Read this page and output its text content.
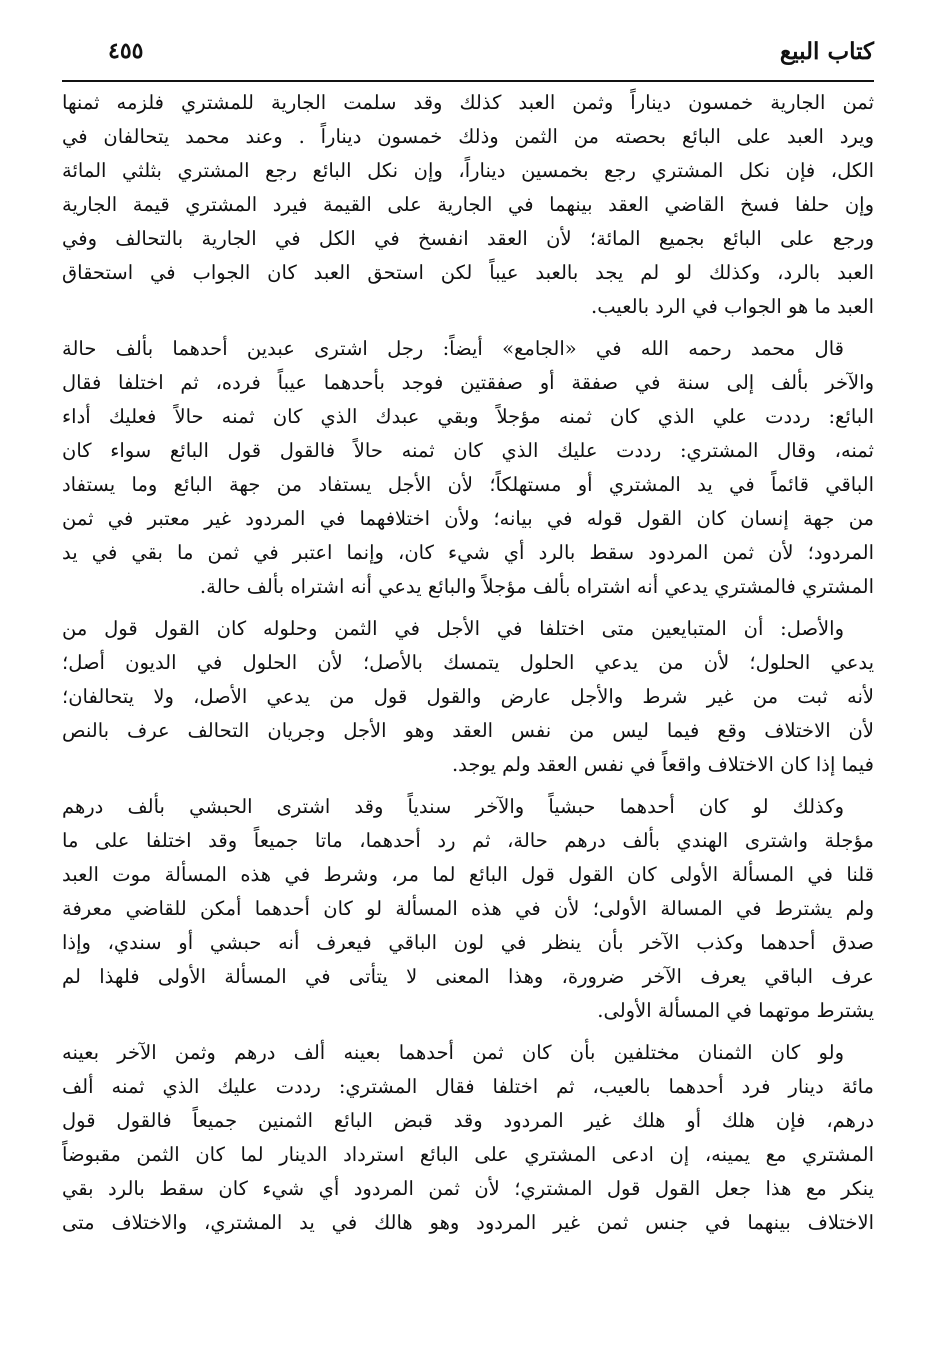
كتاب البيع
٤٥٥
ثمن الجارية خمسون ديناراً وثمن العبد كذلك وقد سلمت الجارية للمشتري فلزمه ثمنها
ويرد العبد على البائع بحصته من الثمن وذلك خمسون ديناراً . وعند محمد يتحالفان في
الكل، فإن نكل المشتري رجع بخمسين ديناراً، وإن نكل البائع رجع المشتري بثلثي المائة
وإن حلفا فسخ القاضي العقد بينهما في الجارية على القيمة فيرد المشتري قيمة الجارية
ورجع على البائع بجميع المائة؛ لأن العقد انفسخ في الكل في الجارية بالتحالف وفي
العبد بالرد، وكذلك لو لم يجد بالعبد عيباً لكن استحق العبد كان الجواب في استحقاق
العبد ما هو الجواب في الرد بالعيب.
قال محمد رحمه الله في «الجامع» أيضاً: رجل اشترى عبدين أحدهما بألف حالة
والآخر بألف إلى سنة في صفقة أو صفقتين فوجد بأحدهما عيباً فرده، ثم اختلفا فقال
البائع: رددت علي الذي كان ثمنه مؤجلاً وبقي عبدك الذي كان ثمنه حالاً فعليك أداء
ثمنه، وقال المشتري: رددت عليك الذي كان ثمنه حالاً فالقول قول البائع سواء كان
الباقي قائماً في يد المشتري أو مستهلكاً؛ لأن الأجل يستفاد من جهة البائع وما يستفاد
من جهة إنسان كان القول قوله في بيانه؛ ولأن اختلافهما في المردود غير معتبر في ثمن
المردود؛ لأن ثمن المردود سقط بالرد أي شيء كان، وإنما اعتبر في ثمن ما بقي في يد
المشتري فالمشتري يدعي أنه اشتراه بألف مؤجلاً والبائع يدعي أنه اشتراه بألف حالة.
والأصل: أن المتبايعين متى اختلفا في الأجل في الثمن وحلوله كان القول قول من
يدعي الحلول؛ لأن من يدعي الحلول يتمسك بالأصل؛ لأن الحلول في الديون أصل؛
لأنه ثبت من غير شرط والأجل عارض والقول قول من يدعي الأصل، ولا يتحالفان؛
لأن الاختلاف وقع فيما ليس من نفس العقد وهو الأجل وجريان التحالف عرف بالنص
فيما إذا كان الاختلاف واقعاً في نفس العقد ولم يوجد.
وكذلك لو كان أحدهما حبشياً والآخر سندياً وقد اشترى الحبشي بألف درهم
مؤجلة واشترى الهندي بألف درهم حالة، ثم رد أحدهما، ماتا جميعاً وقد اختلفا على ما
قلنا في المسألة الأولى كان القول قول البائع لما مر، وشرط في هذه المسألة موت العبد
ولم يشترط في المسالة الأولى؛ لأن في هذه المسألة لو كان أحدهما أمكن للقاضي معرفة
صدق أحدهما وكذب الآخر بأن ينظر في لون الباقي فيعرف أنه حبشي أو سندي، وإذا
عرف الباقي يعرف الآخر ضرورة، وهذا المعنى لا يتأتى في المسألة الأولى فلهذا لم
يشترط موتهما في المسألة الأولى.
ولو كان الثمنان مختلفين بأن كان ثمن أحدهما بعينه ألف درهم وثمن الآخر بعينه
مائة دينار فرد أحدهما بالعيب، ثم اختلفا فقال المشتري: رددت عليك الذي ثمنه ألف
درهم، فإن هلك أو هلك غير المردود وقد قبض البائع الثمنين جميعاً فالقول قول
المشتري مع يمينه، إن ادعى المشتري على البائع استرداد الدينار لما كان الثمن مقبوضاً
ينكر مع هذا جعل القول قول المشتري؛ لأن ثمن المردود أي شيء كان سقط بالرد بقي
الاختلاف بينهما في جنس ثمن غير المردود وهو هالك في يد المشتري، والاختلاف متى
